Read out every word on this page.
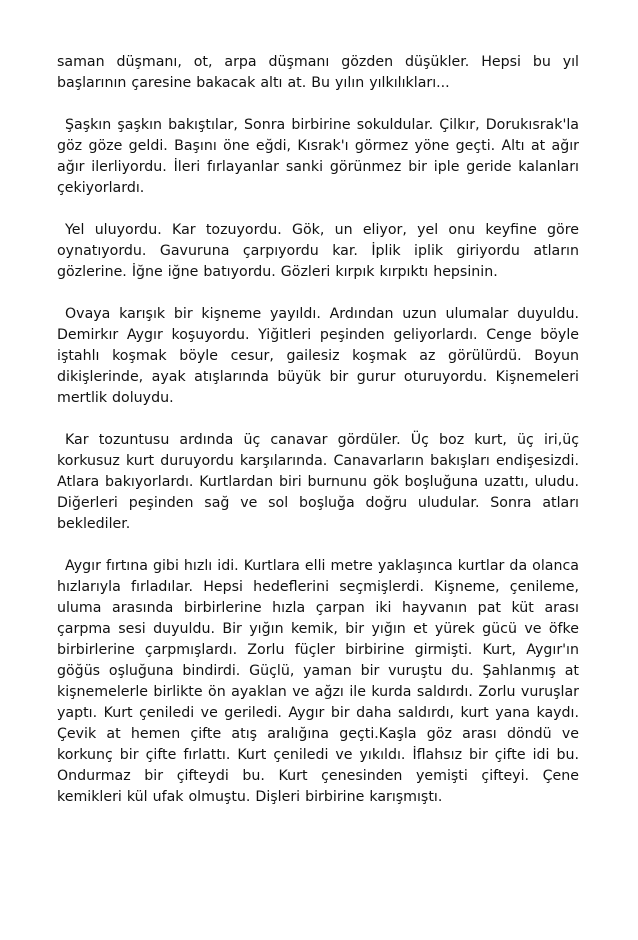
saman düşmanı, ot, arpa düşmanı gözden düşükler. Hepsi bu yıl başlarının çaresine bakacak altı at. Bu yılın yılkılıkları...

Şaşkın şaşkın bakıştılar, Sonra birbirine sokuldular. Çilkır, Dorukısrak'la göz göze geldi. Başını öne eğdi, Kısrak'ı görmez yöne geçti. Altı at ağır ağır ilerliyordu. İleri fırlayanlar sanki görünmez bir iple geride kalanları çekiyorlardı.

Yel uluyordu. Kar tozuyordu. Gök, un eliyor, yel onu keyfine göre oynatıyordu. Gavuruna çarpıyordu kar. İplik iplik giriyordu atların gözlerine. İğne iğne batıyordu. Gözleri kırpık kırpıktı hepsinin.

Ovaya karışık bir kişneme yayıldı. Ardından uzun ulumalar duyuldu. Demirkır Aygır koşuyordu. Yiğitleri peşinden geliyorlardı. Cenge böyle iştahlı koşmak böyle cesur, gailesiz koşmak az görülürdü. Boyun dikişlerinde, ayak atışlarında büyük bir gurur oturuyordu. Kişnemeleri mertlik doluydu.

Kar tozuntusu ardında üç canavar gördüler. Üç boz kurt, üç iri,üç korkusuz kurt duruyordu karşılarında. Canavarların bakışları endişesizdi. Atlara bakıyorlardı. Kurtlardan biri burnunu gök boşluğuna uzattı, uludu. Diğerleri peşinden sağ ve sol boşluğa doğru uludular. Sonra atları beklediler.

Aygır fırtına gibi hızlı idi. Kurtlara elli metre yaklaşınca kurtlar da olanca hızlarıyla fırladılar. Hepsi hedeflerini seçmişlerdi. Kişneme, çenileme, uluma arasında birbirlerine hızla çarpan iki hayvanın pat küt arası çarpma sesi duyuldu. Bir yığın kemik, bir yığın et yürek gücü ve öfke birbirlerine çarpmışlardı. Zorlu füçler birbirine girmişti. Kurt, Aygır'ın göğüs oşluğuna bindirdi. Güçlü, yaman bir vuruştu du. Şahlanmış at kişnemelerle birlikte ön ayaklan ve ağzı ile kurda saldırdı. Zorlu vuruşlar yaptı. Kurt çeniledi ve geriledi. Aygır bir daha saldırdı, kurt yana kaydı. Çevik at hemen çifte atış aralığına geçti.Kaşla göz arası döndü ve korkunç bir çifte fırlattı. Kurt çeniledi ve yıkıldı. İflahsız bir çifte idi bu. Ondurmaz bir çifteydi bu. Kurt çenesinden yemişti çifteyi. Çene kemikleri kül ufak olmuştu. Dişleri birbirine karışmıştı.
